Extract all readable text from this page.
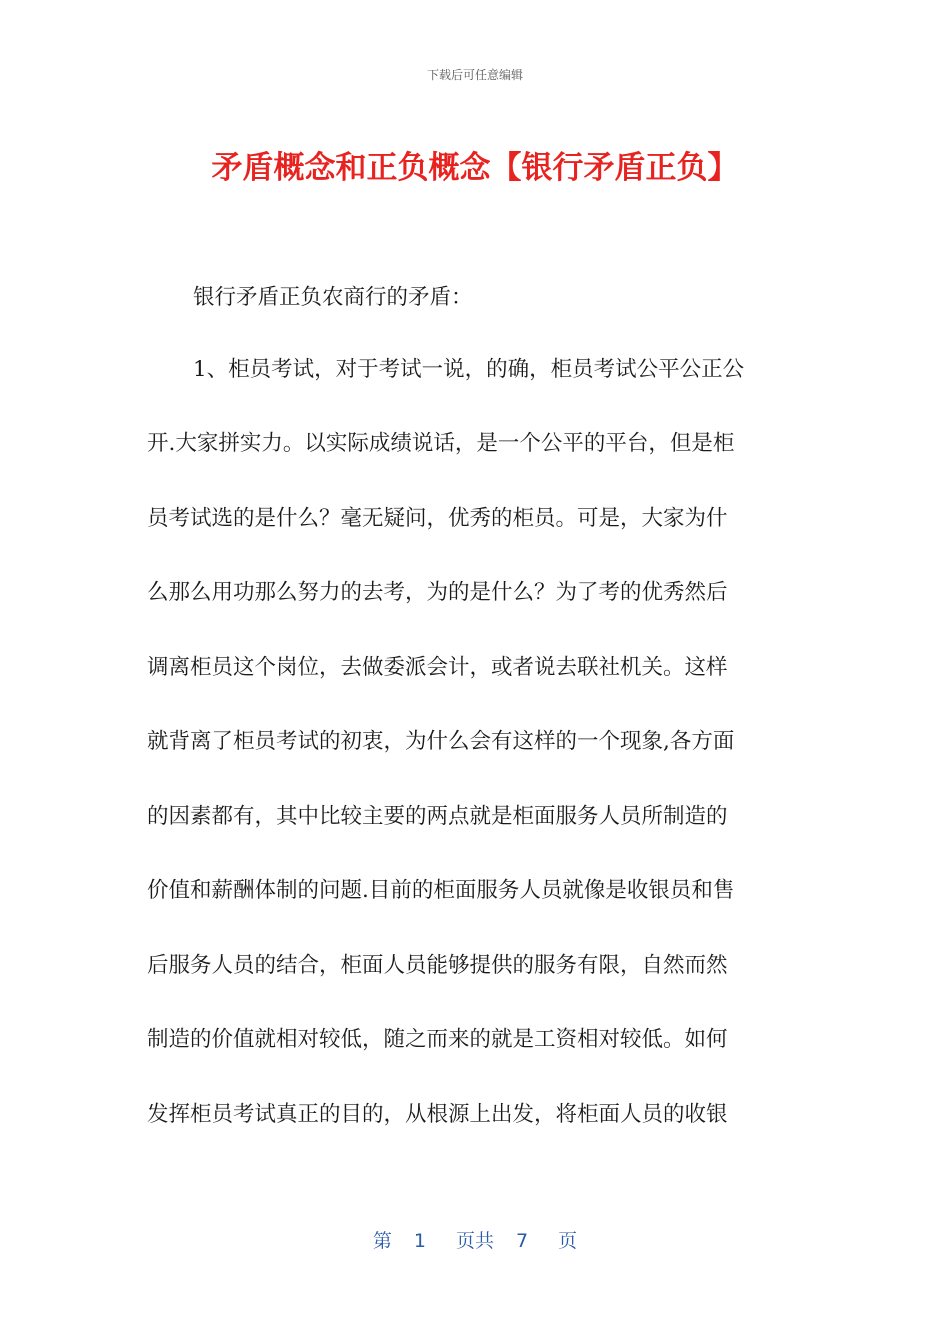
下载后可任意编辑
矛盾概念和正负概念【银行矛盾正负】
银行矛盾正负农商行的矛盾：
1、柜员考试，对于考试一说，的确，柜员考试公平公正公
开.大家拼实力。以实际成绩说话，是一个公平的平台，但是柜
员考试选的是什么？毫无疑问，优秀的柜员。可是，大家为什
么那么用功那么努力的去考，为的是什么？为了考的优秀然后
调离柜员这个岗位，去做委派会计，或者说去联社机关。这样
就背离了柜员考试的初衷，为什么会有这样的一个现象,各方面
的因素都有，其中比较主要的两点就是柜面服务人员所制造的
价值和薪酬体制的问题.目前的柜面服务人员就像是收银员和售
后服务人员的结合，柜面人员能够提供的服务有限，自然而然
制造的价值就相对较低，随之而来的就是工资相对较低。如何
发挥柜员考试真正的目的，从根源上出发，将柜面人员的收银
第 1 页共 7 页
